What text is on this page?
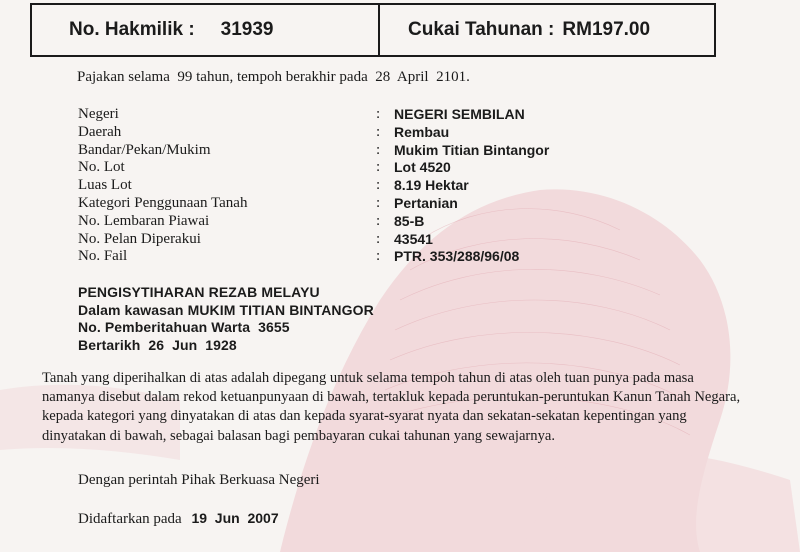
No. Hakmilik : 31939	Cukai Tahunan : RM197.00
Pajakan selama  99 tahun, tempoh berakhir pada  28  April  2101.
Negeri	: NEGERI SEMBILAN
Daerah	: Rembau
Bandar/Pekan/Mukim	: Mukim Titian Bintangor
No. Lot	: Lot 4520
Luas Lot	: 8.19 Hektar
Kategori Penggunaan Tanah	: Pertanian
No. Lembaran Piawai	: 85-B
No. Pelan Diperakui	: 43541
No. Fail	: PTR. 353/288/96/08
PENGISYTIHARAN REZAB MELAYU
Dalam kawasan MUKIM TITIAN BINTANGOR
No. Pemberitahuan Warta  3655
Bertarikh  26  Jun  1928
Tanah yang diperihalkan di atas adalah dipegang untuk selama tempoh tahun di atas oleh tuan punya pada masa namanya disebut dalam rekod ketuanpunyaan di bawah, tertakluk kepada peruntukan-peruntukan Kanun Tanah Negara, kepada kategori yang dinyatakan di atas dan kepada syarat-syarat nyata dan sekatan-sekatan kepentingan yang dinyatakan di bawah, sebagai balasan bagi pembayaran cukai tahunan yang sewajarnya.
Dengan perintah Pihak Berkuasa Negeri
Didaftarkan pada 19  Jun  2007
